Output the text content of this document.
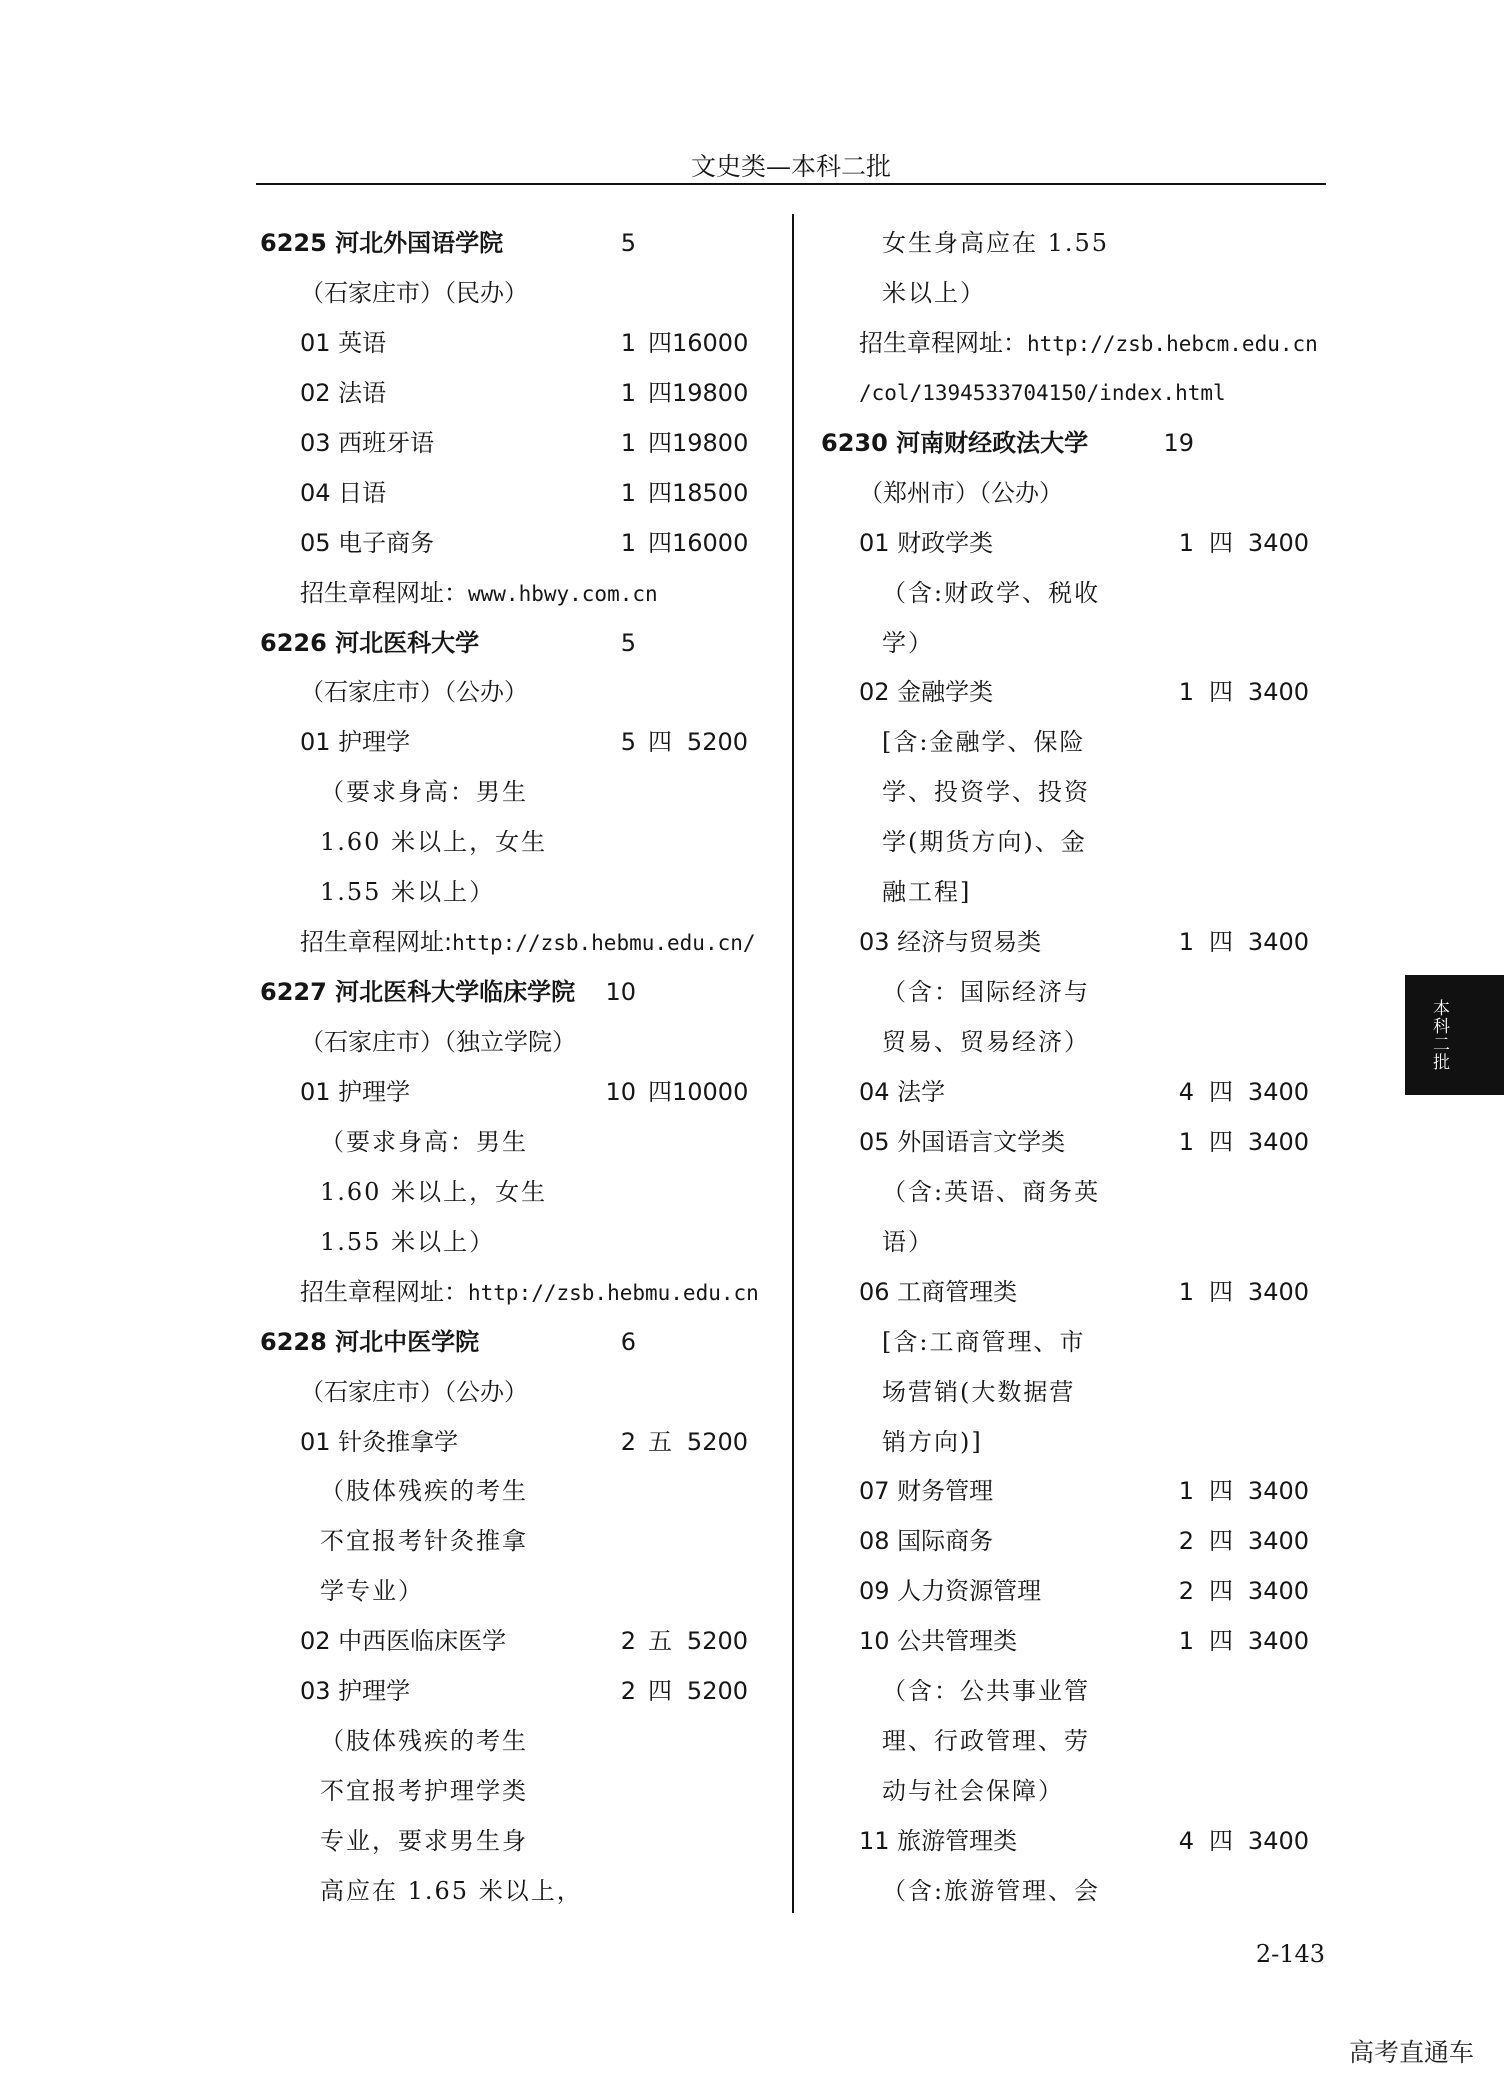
文史类—本科二批
6225 河北外国语学院	5
（石家庄市）（民办）
01 英语	1 四 16000
02 法语	1 四 19800
03 西班牙语	1 四 19800
04 日语	1 四 18500
05 电子商务	1 四 16000
招生章程网址：www.hbwy.com.cn
6226 河北医科大学	5
（石家庄市）（公办）
01 护理学	5 四 5200
（要求身高：男生
1.60 米以上，女生
1.55 米以上）
招生章程网址:http://zsb.hebmu.edu.cn/
6227 河北医科大学临床学院	10
（石家庄市）（独立学院）
01 护理学	10 四 10000
（要求身高：男生
1.60 米以上，女生
1.55 米以上）
招生章程网址：http://zsb.hebmu.edu.cn
6228 河北中医学院	6
（石家庄市）（公办）
01 针灸推拿学	2 五 5200
（肢体残疾的考生
不宜报考针灸推拿
学专业）
02 中西医临床医学	2 五 5200
03 护理学	2 四 5200
（肢体残疾的考生
不宜报考护理学类
专业，要求男生身
高应在 1.65 米以上，
女生身高应在 1.55
米以上）
招生章程网址：http://zsb.hebcm.edu.cn
/col/1394533704150/index.html
6230 河南财经政法大学	19
（郑州市）（公办）
01 财政学类	1 四 3400
（含:财政学、税收
学）
02 金融学类	1 四 3400
[含:金融学、保险
学、投资学、投资
学(期货方向)、金
融工程]
03 经济与贸易类	1 四 3400
（含：国际经济与
贸易、贸易经济）
04 法学	4 四 3400
05 外国语言文学类	1 四 3400
（含:英语、商务英
语）
06 工商管理类	1 四 3400
[含:工商管理、市
场营销(大数据营
销方向)]
07 财务管理	1 四 3400
08 国际商务	2 四 3400
09 人力资源管理	2 四 3400
10 公共管理类	1 四 3400
（含：公共事业管
理、行政管理、劳
动与社会保障）
11 旅游管理类	4 四 3400
（含:旅游管理、会
本科二批
2-143
高考直通车
